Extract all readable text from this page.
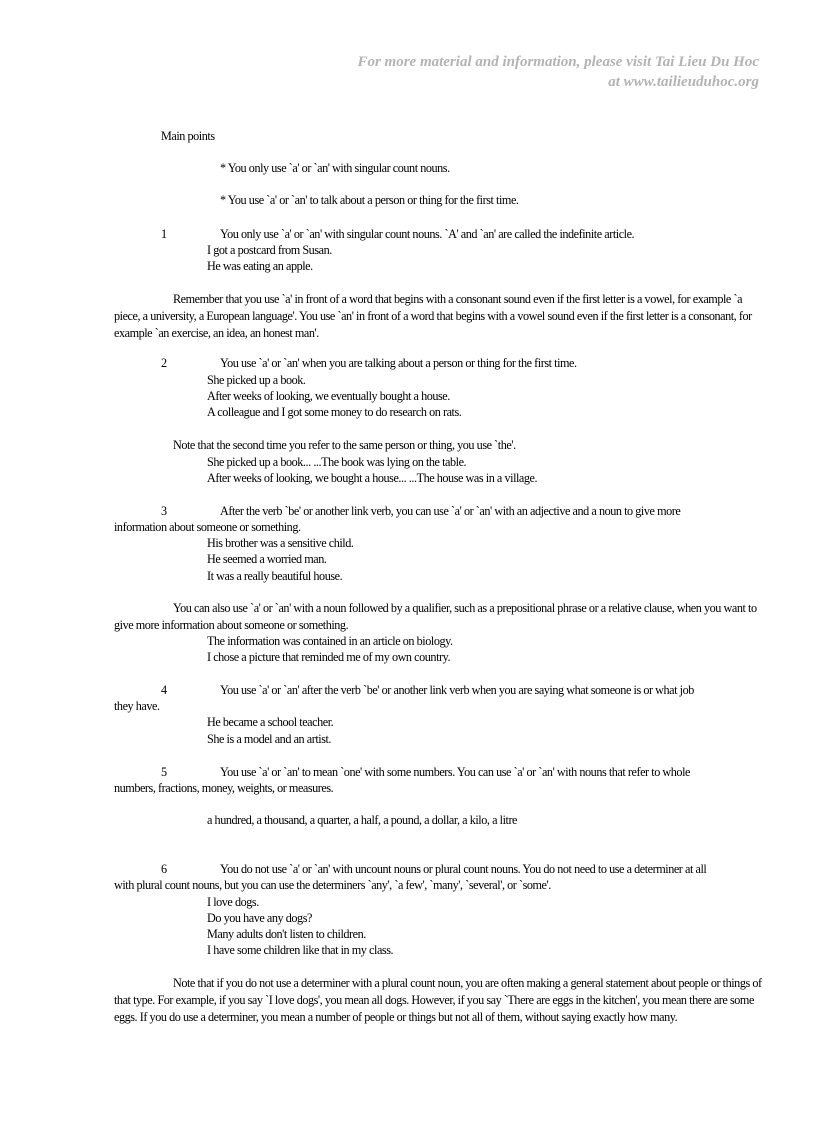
For more material and information, please visit Tai Lieu Du Hoc
at www.tailieuduhoc.org
Main points
* You only use `a' or `an' with singular count nouns.
* You use `a' or `an' to talk about a person or thing for the first time.
1	You only use `a' or `an' with singular count nouns. `A' and `an' are called the indefinite article.
I got a postcard from Susan.
He was eating an apple.
Remember that you use `a' in front of a word that begins with a consonant sound even if the first letter is a vowel, for example `a piece, a university, a European language'. You use `an' in front of a word that begins with a vowel sound even if the first letter is a consonant, for example `an exercise, an idea, an honest man'.
2	You use `a' or `an' when you are talking about a person or thing for the first time.
She picked up a book.
After weeks of looking, we eventually bought a house.
A colleague and I got some money to do research on rats.
Note that the second time you refer to the same person or thing, you use `the'.
She picked up a book... ...The book was lying on the table.
After weeks of looking, we bought a house... ...The house was in a village.
3	After the verb `be' or another link verb, you can use `a' or `an' with an adjective and a noun to give more
information about someone or something.
His brother was a sensitive child.
He seemed a worried man.
It was a really beautiful house.
You can also use `a' or `an' with a noun followed by a qualifier, such as a prepositional phrase or a relative clause, when you want to give more information about someone or something.
The information was contained in an article on biology.
I chose a picture that reminded me of my own country.
4	You use `a' or `an' after the verb `be' or another link verb when you are saying what someone is or what job
they have.
He became a school teacher.
She is a model and an artist.
5	You use `a' or `an' to mean `one' with some numbers. You can use `a' or `an' with nouns that refer to whole
numbers, fractions, money, weights, or measures.
a hundred, a thousand, a quarter, a half, a pound, a dollar, a kilo, a litre
6	You do not use `a' or `an' with uncount nouns or plural count nouns. You do not need to use a determiner at all
with plural count nouns, but you can use the determiners `any', `a few', `many', `several', or `some'.
I love dogs.
Do you have any dogs?
Many adults don't listen to children.
I have some children like that in my class.
Note that if you do not use a determiner with a plural count noun, you are often making a general statement about people or things of that type. For example, if you say `I love dogs', you mean all dogs. However, if you say `There are eggs in the kitchen', you mean there are some eggs. If you do use a determiner, you mean a number of people or things but not all of them, without saying exactly how many.
